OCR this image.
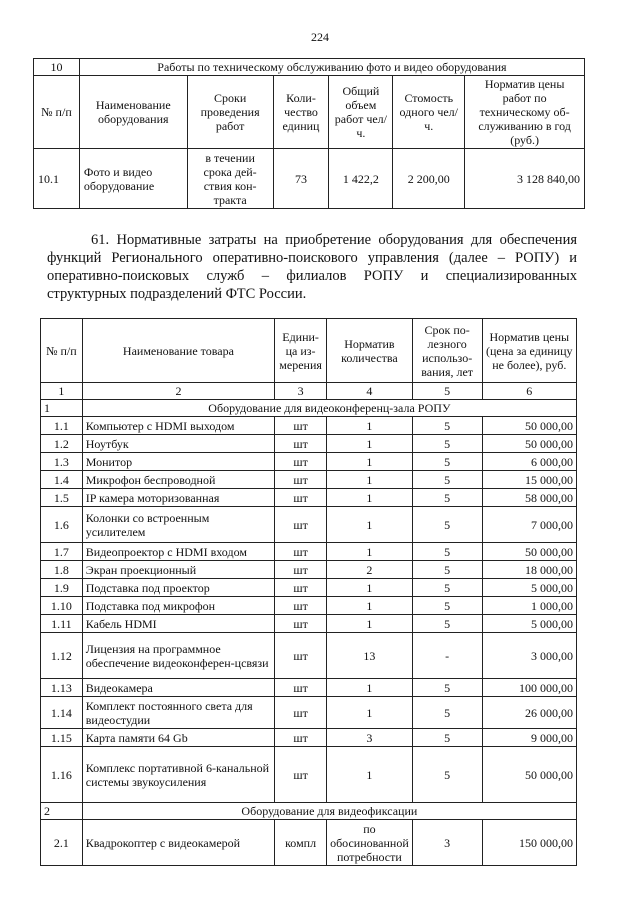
224
10	Работы по техническому обслуживанию фото и видео оборудования					
№ п/п	Наименование оборудования	Сроки проведения работ	Коли-чество единиц	Общий объем работ чел/ч.	Стомость одного чел/ч.	Норматив цены работ по техническому об-служиванию в год (руб.)
10.1	Фото и видео оборудование	в течении срока дей-ствия кон-тракта	73	1 422,2	2 200,00	3 128 840,00
61. Нормативные затраты на приобретение оборудования для обеспечения функций Регионального оперативно-поискового управления (далее – РОПУ) и оперативно-поисковых служб – филиалов РОПУ и специализированных структурных подразделений ФТС России.
№ п/п	Наименование товара	Едини-ца из-мерения	Норматив количества	Срок по-лезного использо-вания, лет	Норматив цены (цена за единицу не более), руб.
1	2	3	4	5	6
1	Оборудование для видеоконференц-зала РОПУ				
1.1	Компьютер с HDMI выходом	шт	1	5	50 000,00
1.2	Ноутбук	шт	1	5	50 000,00
1.3	Монитор	шт	1	5	6 000,00
1.4	Микрофон беспроводной	шт	1	5	15 000,00
1.5	IP камера моторизованная	шт	1	5	58 000,00
1.6	Колонки со встроенным усилителем	шт	1	5	7 000,00
1.7	Видеопроектор с HDMI входом	шт	1	5	50 000,00
1.8	Экран проекционный	шт	2	5	18 000,00
1.9	Подставка под проектор	шт	1	5	5 000,00
1.10	Подставка под микрофон	шт	1	5	1 000,00
1.11	Кабель HDMI	шт	1	5	5 000,00
1.12	Лицензия на программное обеспечение видеоконферен-цсвязи	шт	13	-	3 000,00
1.13	Видеокамера	шт	1	5	100 000,00
1.14	Комплект постоянного света для видеостудии	шт	1	5	26 000,00
1.15	Карта памяти 64 Gb	шт	3	5	9 000,00
1.16	Комплекс портативной 6-канальной системы звукоусиления	шт	1	5	50 000,00
2	Оборудование для видеофиксации				
2.1	Квадрокоптер с видеокамерой	компл	по обосинованной потребности	3	150 000,00
